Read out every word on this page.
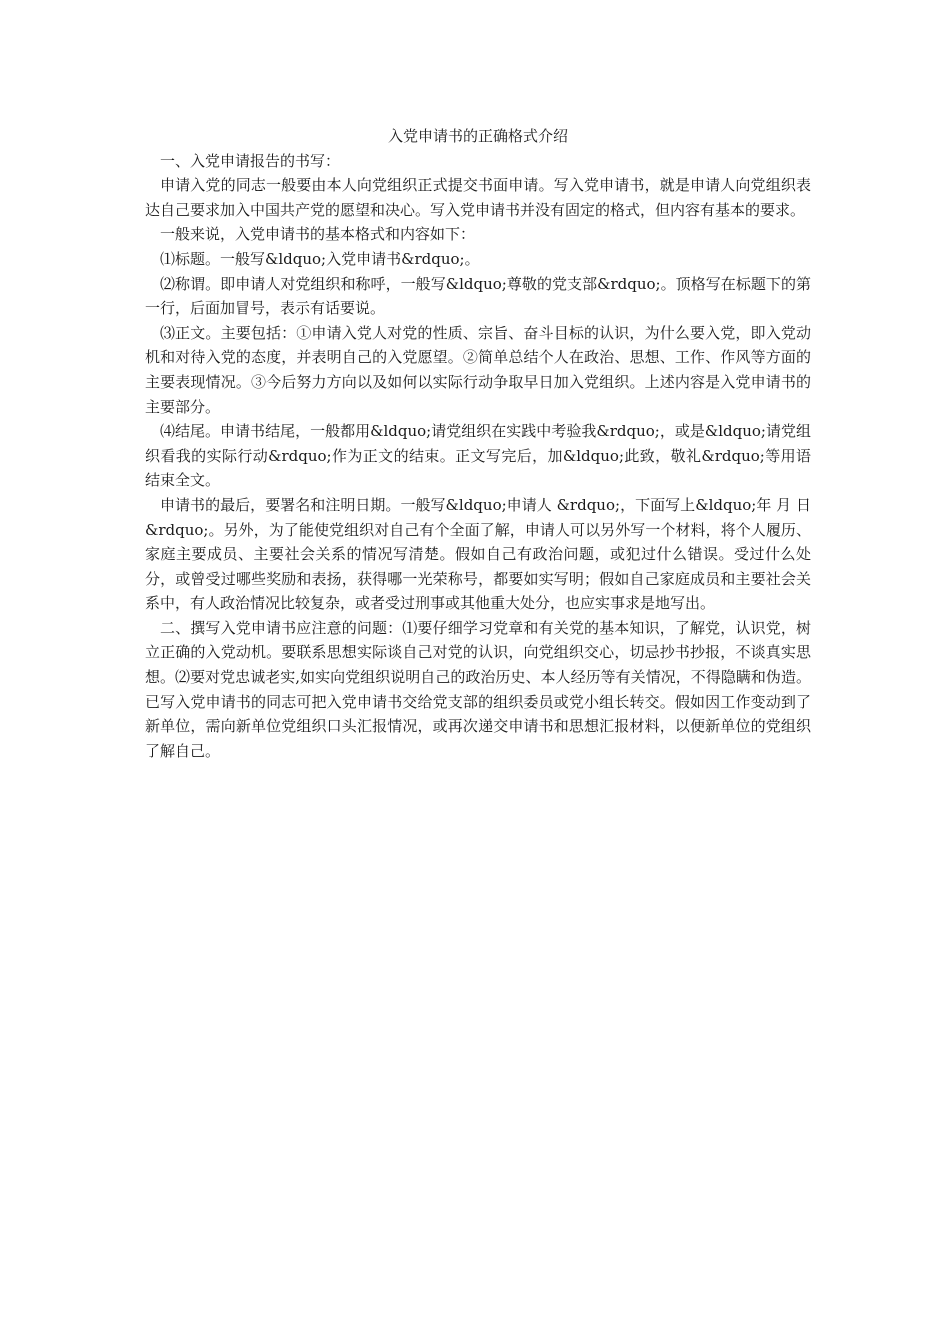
入党申请书的正确格式介绍

一、入党申请报告的书写：

申请入党的同志一般要由本人向党组织正式提交书面申请。写入党申请书，就是申请人向党组织表达自己要求加入中国共产党的愿望和决心。写入党申请书并没有固定的格式，但内容有基本的要求。

一般来说，入党申请书的基本格式和内容如下：

⑴标题。一般写&ldquo;入党申请书&rdquo;。

⑵称谓。即申请人对党组织和称呼，一般写&ldquo;尊敬的党支部&rdquo;。顶格写在标题下的第一行，后面加冒号，表示有话要说。

⑶正文。主要包括：①申请入党人对党的性质、宗旨、奋斗目标的认识，为什么要入党，即入党动机和对待入党的态度，并表明自己的入党愿望。②简单总结个人在政治、思想、工作、作风等方面的主要表现情况。③今后努力方向以及如何以实际行动争取早日加入党组织。上述内容是入党申请书的主要部分。

⑷结尾。申请书结尾，一般都用&ldquo;请党组织在实践中考验我&rdquo;，或是&ldquo;请党组织看我的实际行动&rdquo;作为正文的结束。正文写完后，加&ldquo;此致，敬礼&rdquo;等用语结束全文。

申请书的最后，要署名和注明日期。一般写&ldquo;申请人 &rdquo;，下面写上&ldquo;年 月 日&rdquo;。另外，为了能使党组织对自己有个全面了解，申请人可以另外写一个材料，将个人履历、家庭主要成员、主要社会关系的情况写清楚。假如自己有政治问题，或犯过什么错误。受过什么处分，或曾受过哪些奖励和表扬，获得哪一光荣称号，都要如实写明；假如自己家庭成员和主要社会关系中，有人政治情况比较复杂，或者受过刑事或其他重大处分，也应实事求是地写出。

二、撰写入党申请书应注意的问题：⑴要仔细学习党章和有关党的基本知识，了解党，认识党，树立正确的入党动机。要联系思想实际谈自己对党的认识，向党组织交心，切忌抄书抄报，不谈真实思想。⑵要对党忠诚老实,如实向党组织说明自己的政治历史、本人经历等有关情况，不得隐瞒和伪造。已写入党申请书的同志可把入党申请书交给党支部的组织委员或党小组长转交。假如因工作变动到了新单位，需向新单位党组织口头汇报情况，或再次递交申请书和思想汇报材料，以便新单位的党组织了解自己。
